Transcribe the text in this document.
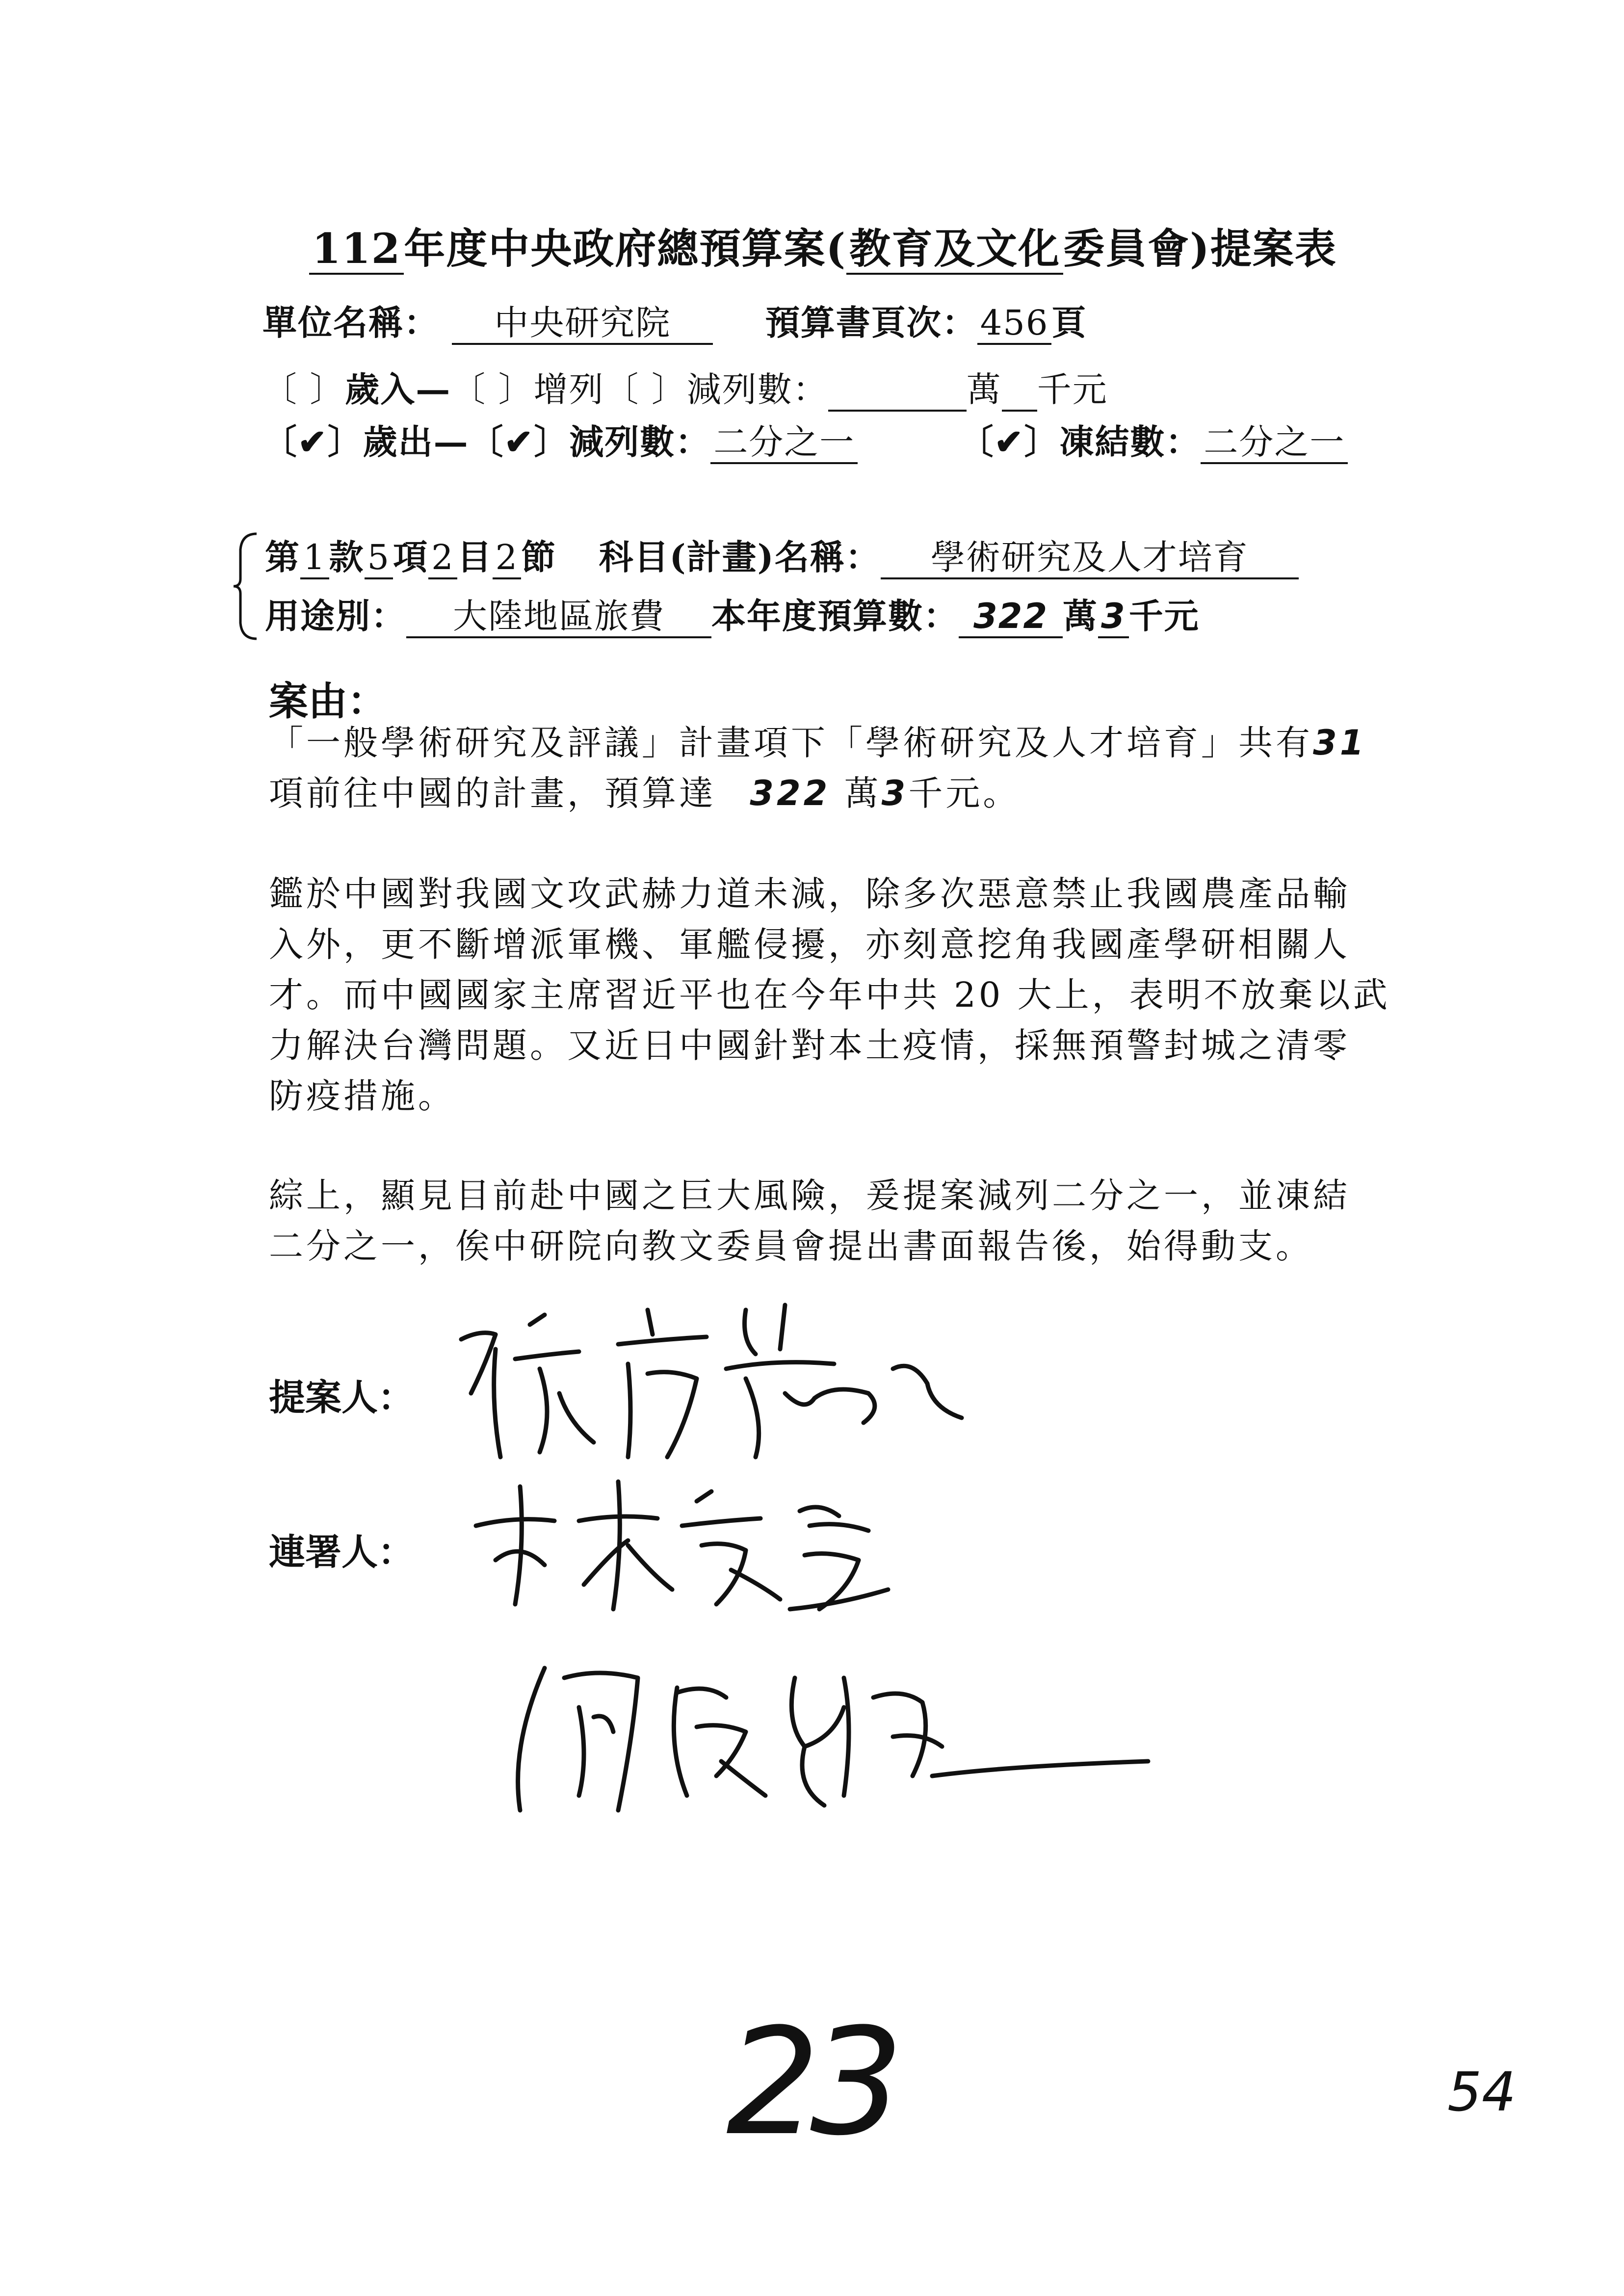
112年度中央政府總預算案(教育及文化委員會)提案表
單位名稱： 中央研究院	預算書頁次：456頁
〔 〕歲入—〔 〕增列〔 〕減列數：	萬 千元
〔✔〕歲出—〔✔〕減列數：二分之一	〔✔〕凍結數：二分之一
第1款5項2目2節 科目(計畫)名稱： 學術研究及人才培育
用途別： 大陸地區旅費 本年度預算數： 322 萬3千元
案由：
「一般學術研究及評議」計畫項下「學術研究及人才培育」共有31
項前往中國的計畫，預算達 322 萬3千元。
鑑於中國對我國文攻武赫力道未減，除多次惡意禁止我國農產品輸
入外，更不斷增派軍機、軍艦侵擾，亦刻意挖角我國產學研相關人
才。而中國國家主席習近平也在今年中共 20 大上，表明不放棄以武
力解決台灣問題。又近日中國針對本土疫情，採無預警封城之清零
防疫措施。
綜上，顯見目前赴中國之巨大風險，爰提案減列二分之一，並凍結
二分之一，俟中研院向教文委員會提出書面報告後，始得動支。
提案人：
連署人：
23	54
